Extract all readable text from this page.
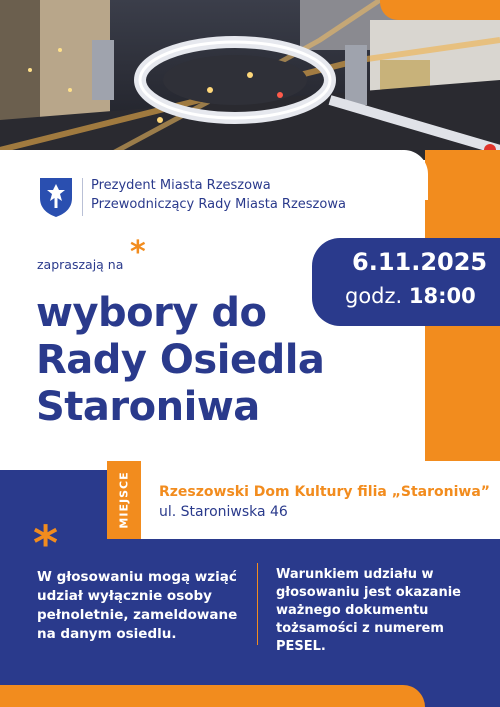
Prezydent Miasta Rzeszowa
Przewodniczący Rady Miasta Rzeszowa
zapraszają na *
wybory do
Rady Osiedla
Staroniwa
6.11.2025
godz. 18:00
MIEJSCE Rzeszowski Dom Kultury filia „Staroniwa”
ul. Staroniwska 46
*
W głosowaniu mogą wziąć udział wyłącznie osoby pełnoletnie, zameldowane na danym osiedlu.
Warunkiem udziału w głosowaniu jest okazanie ważnego dokumentu tożsamości z numerem PESEL.
